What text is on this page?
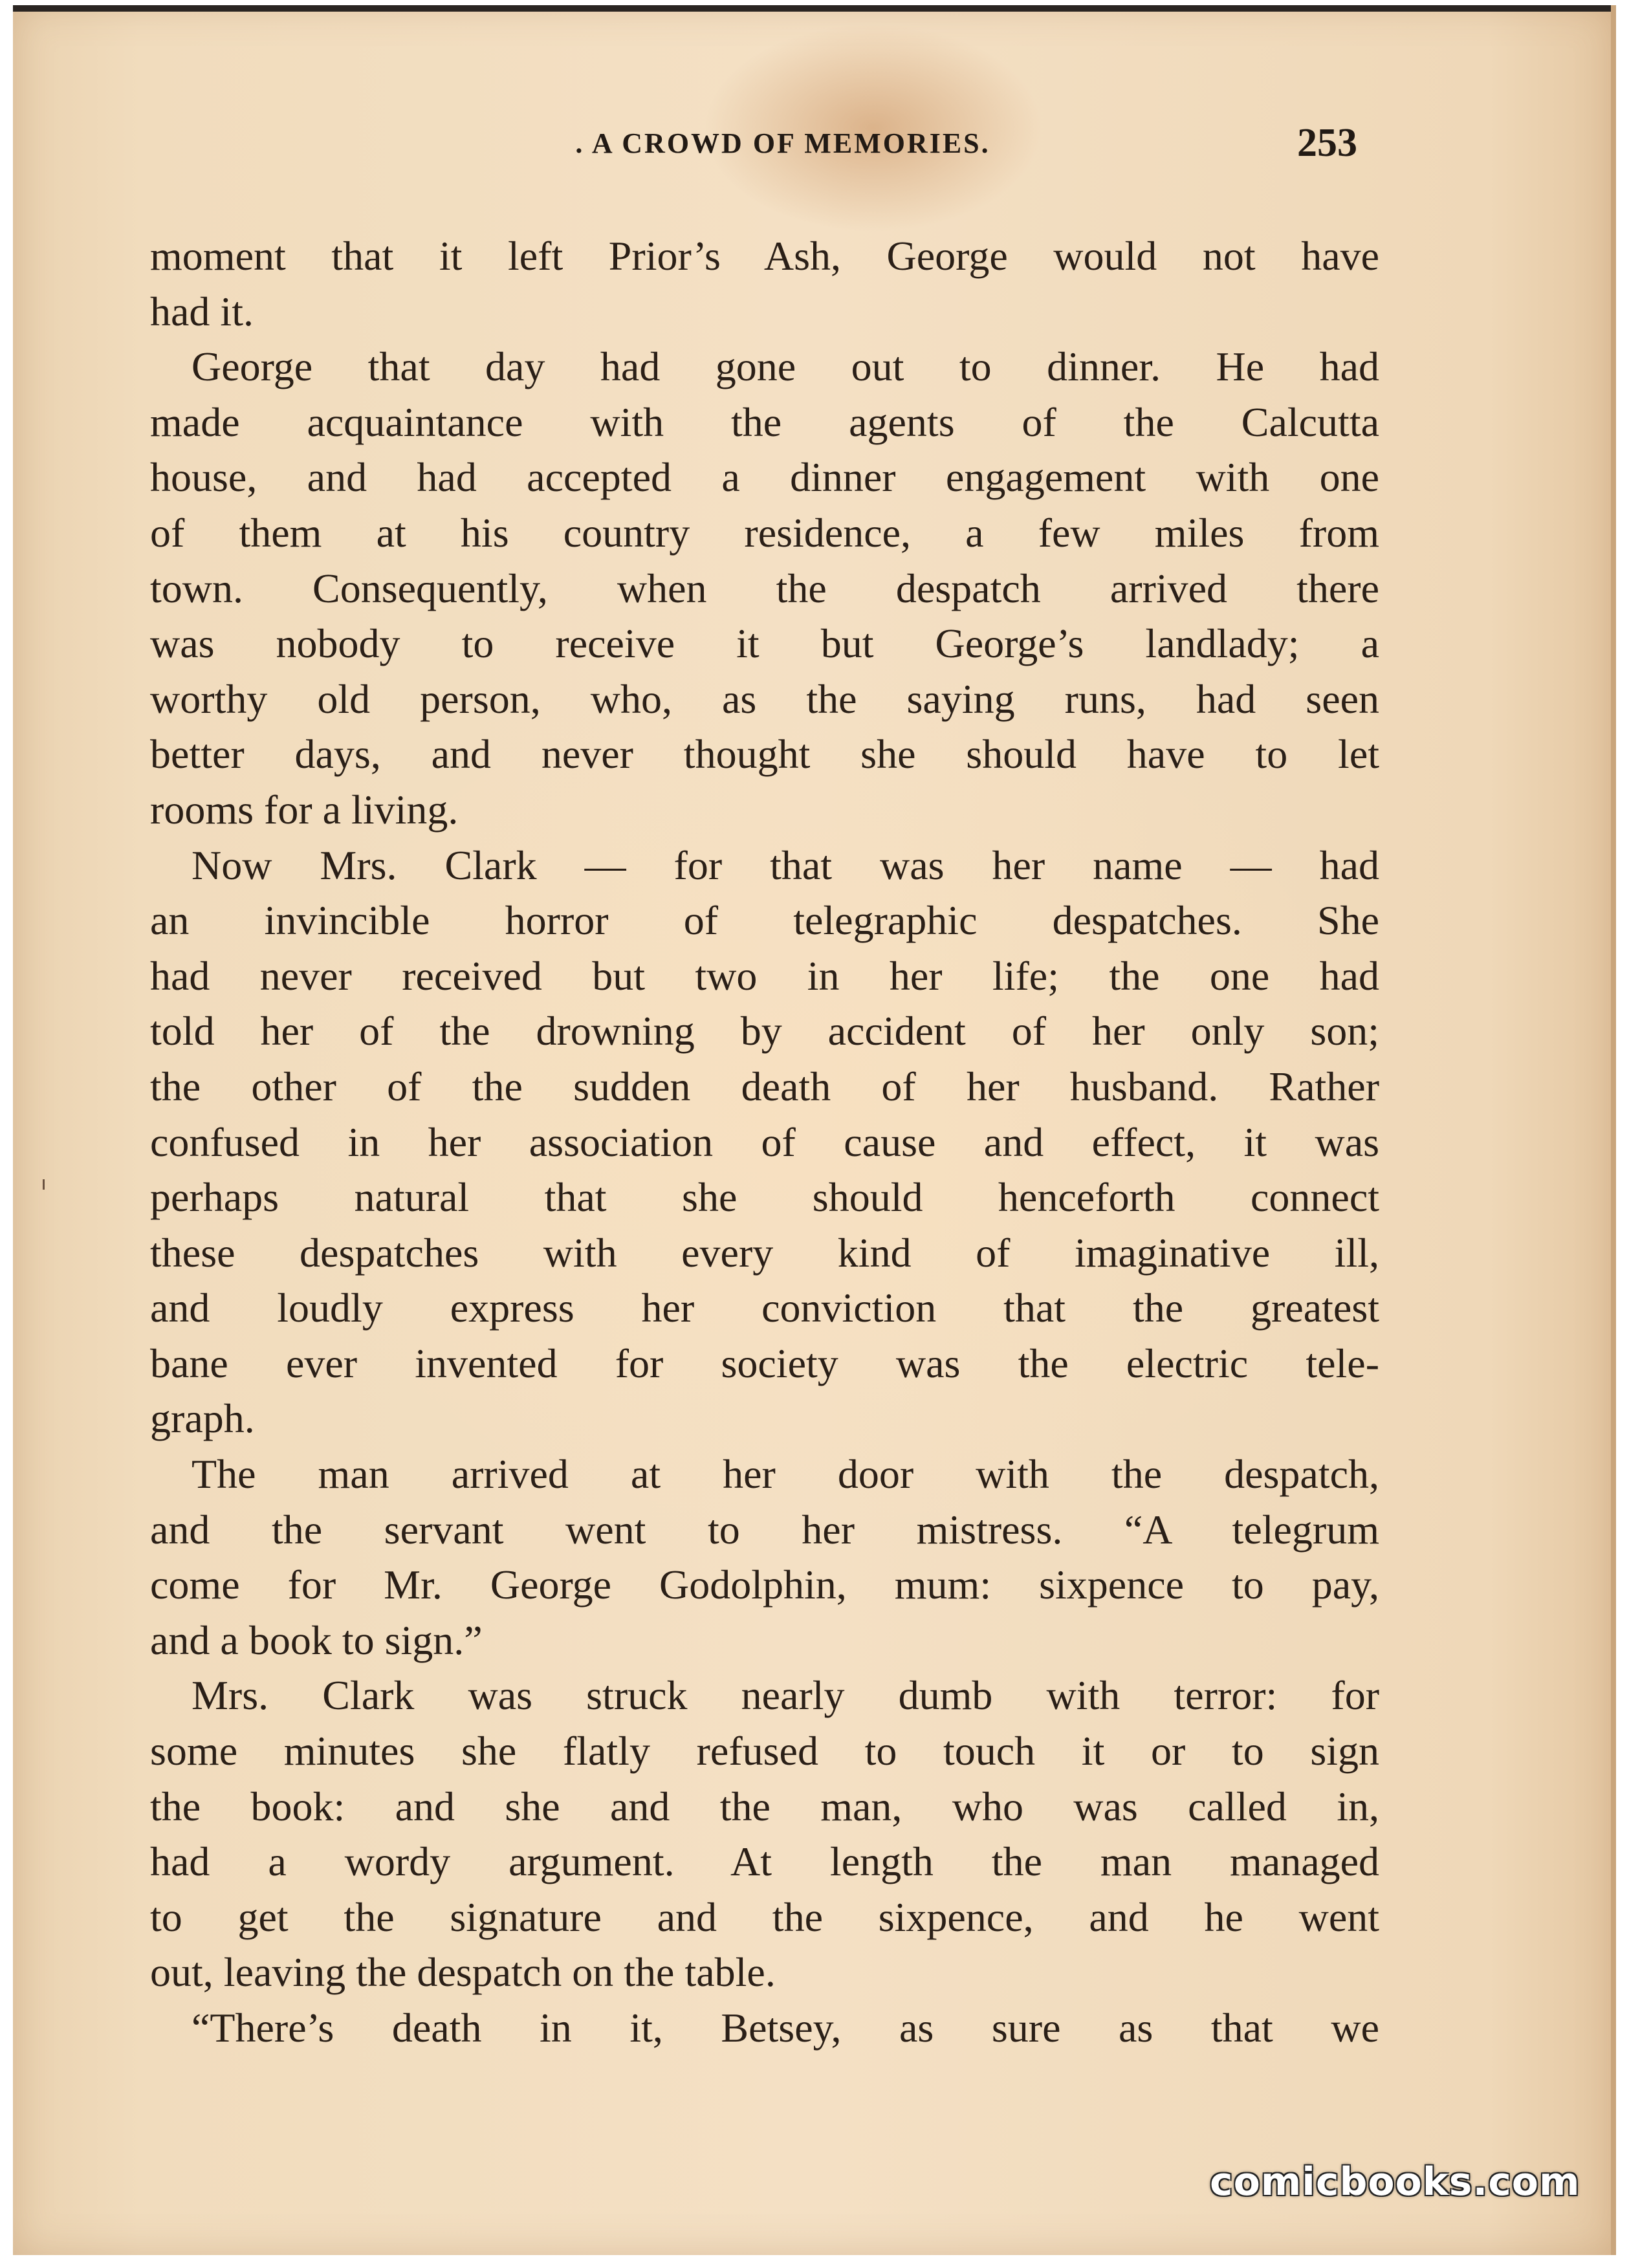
. A CROWD OF MEMORIES.	253
moment that it left Prior’s Ash, George would not have
had it.
George that day had gone out to dinner. He had
made acquaintance with the agents of the Calcutta
house, and had accepted a dinner engagement with one
of them at his country residence, a few miles from
town. Consequently, when the despatch arrived there
was nobody to receive it but George’s landlady; a
worthy old person, who, as the saying runs, had seen
better days, and never thought she should have to let
rooms for a living.
Now Mrs. Clark — for that was her name — had
an invincible horror of telegraphic despatches. She
had never received but two in her life; the one had
told her of the drowning by accident of her only son;
the other of the sudden death of her husband. Rather
confused in her association of cause and effect, it was
perhaps natural that she should henceforth connect
these despatches with every kind of imaginative ill,
and loudly express her conviction that the greatest
bane ever invented for society was the electric tele-
graph.
The man arrived at her door with the despatch,
and the servant went to her mistress. “A telegrum
come for Mr. George Godolphin, mum: sixpence to pay,
and a book to sign.”
Mrs. Clark was struck nearly dumb with terror: for
some minutes she flatly refused to touch it or to sign
the book: and she and the man, who was called in,
had a wordy argument. At length the man managed
to get the signature and the sixpence, and he went
out, leaving the despatch on the table.
“There’s death in it, Betsey, as sure as that we
comicbooks.com
